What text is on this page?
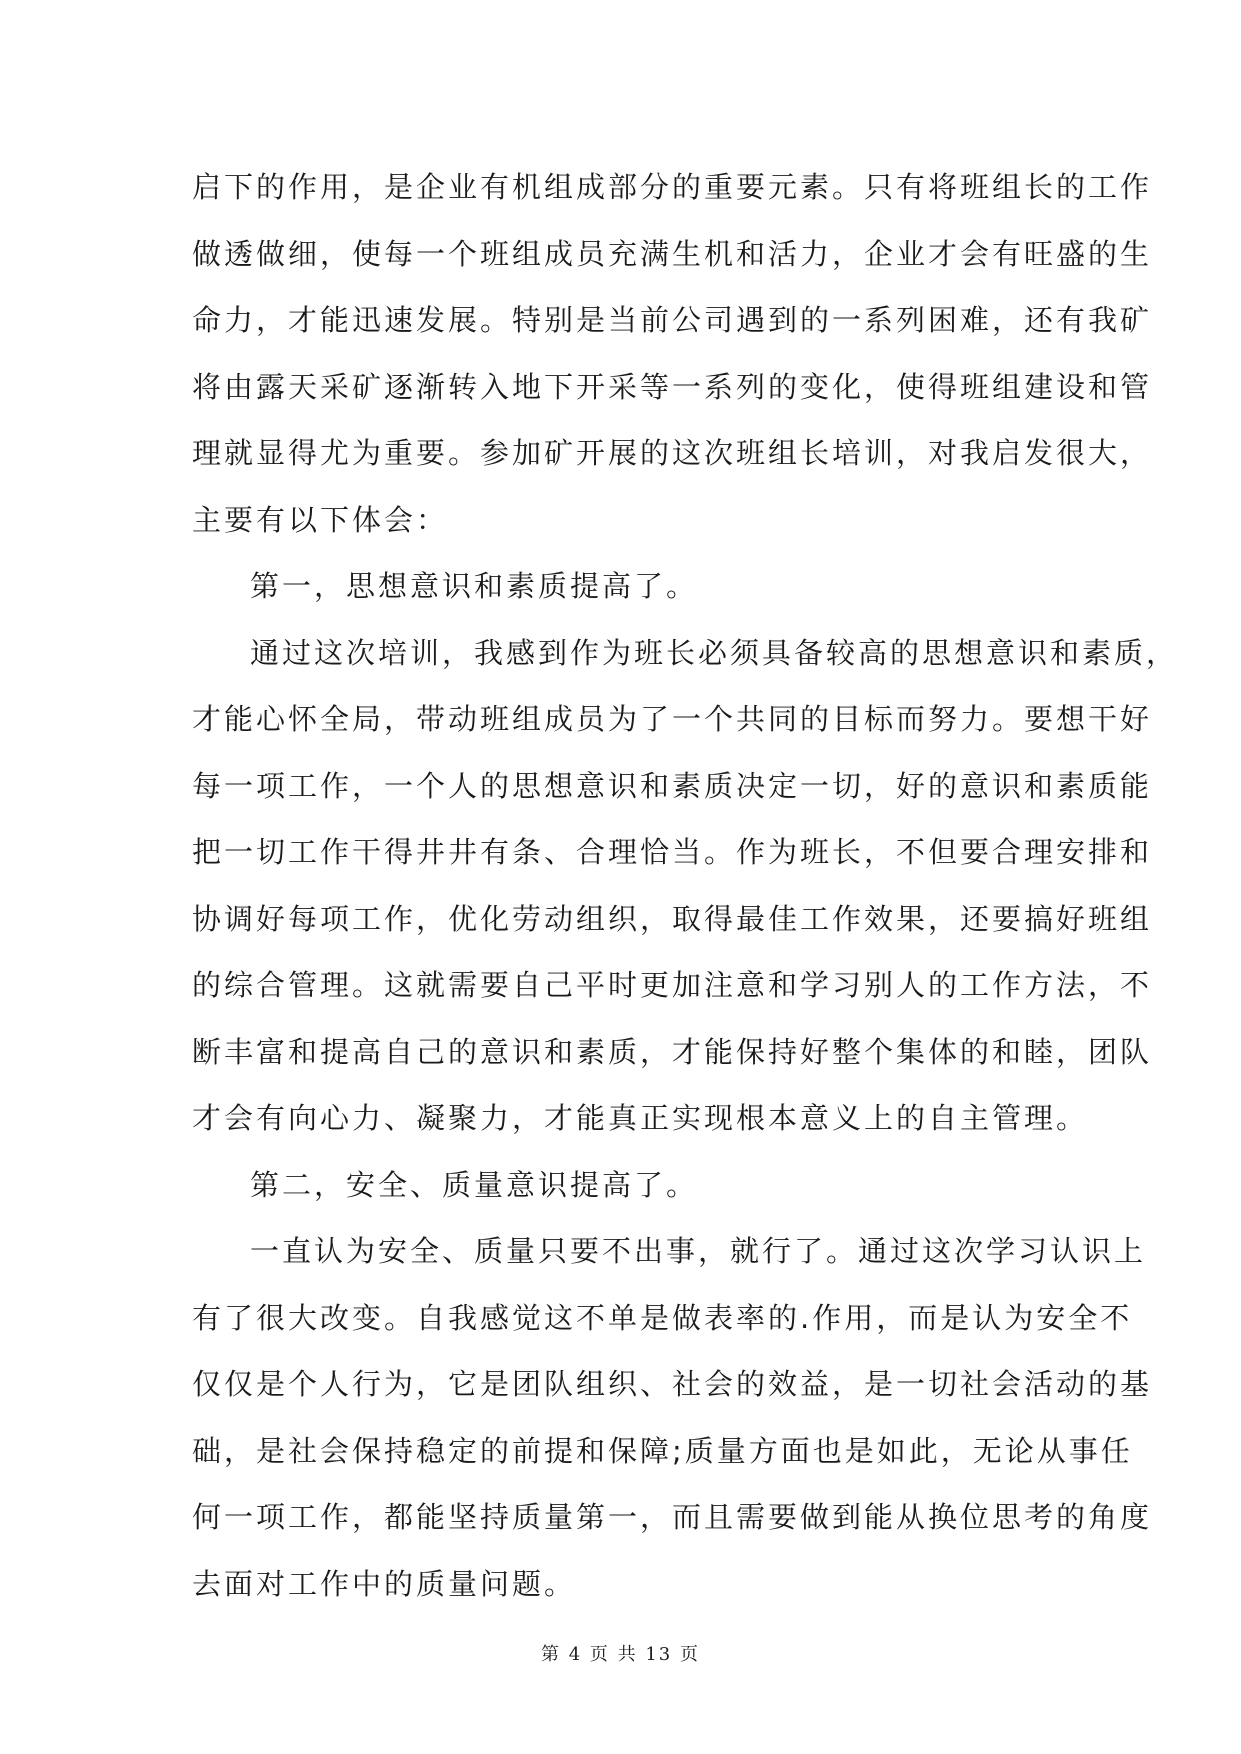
启下的作用，是企业有机组成部分的重要元素。只有将班组长的工作
做透做细，使每一个班组成员充满生机和活力，企业才会有旺盛的生
命力，才能迅速发展。特别是当前公司遇到的一系列困难，还有我矿
将由露天采矿逐渐转入地下开采等一系列的变化，使得班组建设和管
理就显得尤为重要。参加矿开展的这次班组长培训，对我启发很大，
主要有以下体会：
第一，思想意识和素质提高了。
通过这次培训，我感到作为班长必须具备较高的思想意识和素质，
才能心怀全局，带动班组成员为了一个共同的目标而努力。要想干好
每一项工作，一个人的思想意识和素质决定一切，好的意识和素质能
把一切工作干得井井有条、合理恰当。作为班长，不但要合理安排和
协调好每项工作，优化劳动组织，取得最佳工作效果，还要搞好班组
的综合管理。这就需要自己平时更加注意和学习别人的工作方法，不
断丰富和提高自己的意识和素质，才能保持好整个集体的和睦，团队
才会有向心力、凝聚力，才能真正实现根本意义上的自主管理。
第二，安全、质量意识提高了。
一直认为安全、质量只要不出事，就行了。通过这次学习认识上
有了很大改变。自我感觉这不单是做表率的.作用，而是认为安全不
仅仅是个人行为，它是团队组织、社会的效益，是一切社会活动的基
础，是社会保持稳定的前提和保障;质量方面也是如此，无论从事任
何一项工作，都能坚持质量第一，而且需要做到能从换位思考的角度
去面对工作中的质量问题。
第 4 页 共 13 页
